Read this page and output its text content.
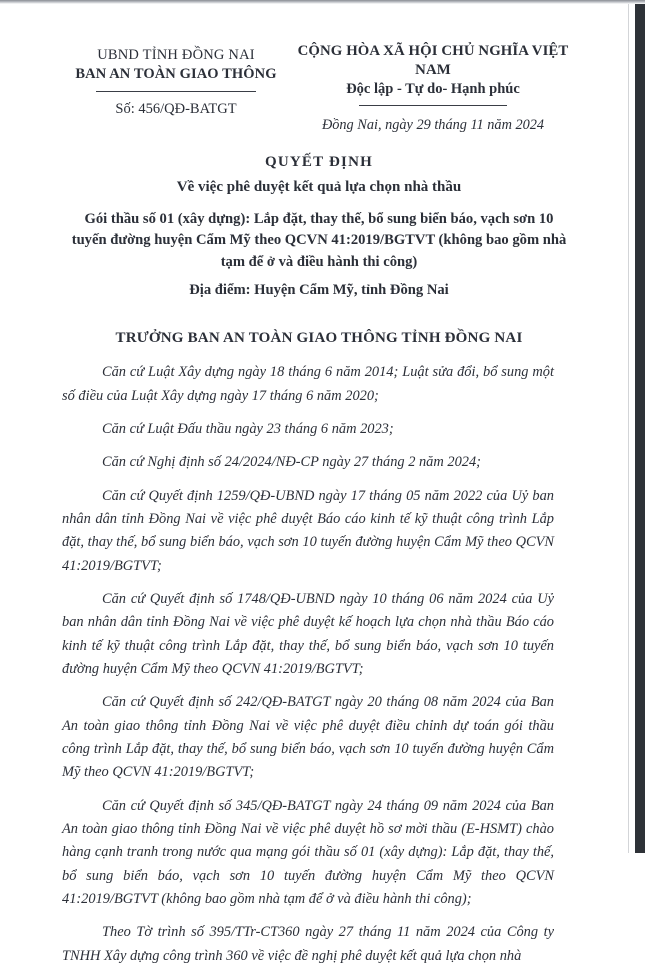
UBND TỈNH ĐỒNG NAI
BAN AN TOÀN GIAO THÔNG
Số: 456/QĐ-BATGT
CỘNG HÒA XÃ HỘI CHỦ NGHĨA VIỆT NAM
Độc lập - Tự do- Hạnh phúc
Đồng Nai, ngày 29 tháng 11 năm 2024
QUYẾT ĐỊNH
Về việc phê duyệt kết quả lựa chọn nhà thầu
Gói thầu số 01 (xây dựng): Lắp đặt, thay thế, bổ sung biển báo, vạch sơn 10 tuyến đường huyện Cẩm Mỹ theo QCVN 41:2019/BGTVT (không bao gồm nhà tạm để ở và điều hành thi công)
Địa điểm: Huyện Cẩm Mỹ, tỉnh Đồng Nai
TRƯỞNG BAN AN TOÀN GIAO THÔNG TỈNH ĐỒNG NAI

Căn cứ Luật Xây dựng ngày 18 tháng 6 năm 2014; Luật sửa đổi, bổ sung một số điều của Luật Xây dựng ngày 17 tháng 6 năm 2020;

Căn cứ Luật Đấu thầu ngày 23 tháng 6 năm 2023;

Căn cứ Nghị định số 24/2024/NĐ-CP ngày 27 tháng 2 năm 2024;

Căn cứ Quyết định 1259/QĐ-UBND ngày 17 tháng 05 năm 2022 của Uỷ ban nhân dân tỉnh Đồng Nai về việc phê duyệt Báo cáo kinh tế kỹ thuật công trình Lắp đặt, thay thế, bổ sung biển báo, vạch sơn 10 tuyến đường huyện Cẩm Mỹ theo QCVN 41:2019/BGTVT;

Căn cứ Quyết định số 1748/QĐ-UBND ngày 10 tháng 06 năm 2024 của Uỷ ban nhân dân tỉnh Đồng Nai về việc phê duyệt kế hoạch lựa chọn nhà thầu Báo cáo kinh tế kỹ thuật công trình Lắp đặt, thay thế, bổ sung biển báo, vạch sơn 10 tuyến đường huyện Cẩm Mỹ theo QCVN 41:2019/BGTVT;

Căn cứ Quyết định số 242/QĐ-BATGT ngày 20 tháng 08 năm 2024 của Ban An toàn giao thông tỉnh Đồng Nai về việc phê duyệt điều chỉnh dự toán gói thầu công trình Lắp đặt, thay thế, bổ sung biển báo, vạch sơn 10 tuyến đường huyện Cẩm Mỹ theo QCVN 41:2019/BGTVT;

Căn cứ Quyết định số 345/QĐ-BATGT ngày 24 tháng 09 năm 2024 của Ban An toàn giao thông tỉnh Đồng Nai về việc phê duyệt hồ sơ mời thầu (E-HSMT) chào hàng cạnh tranh trong nước qua mạng gói thầu số 01 (xây dựng): Lắp đặt, thay thế, bổ sung biển báo, vạch sơn 10 tuyến đường huyện Cẩm Mỹ theo QCVN 41:2019/BGTVT (không bao gồm nhà tạm để ở và điều hành thi công);

Theo Tờ trình số 395/TTr-CT360 ngày 27 tháng 11 năm 2024 của Công ty TNHH Xây dựng công trình 360 về việc đề nghị phê duyệt kết quả lựa chọn nhà
